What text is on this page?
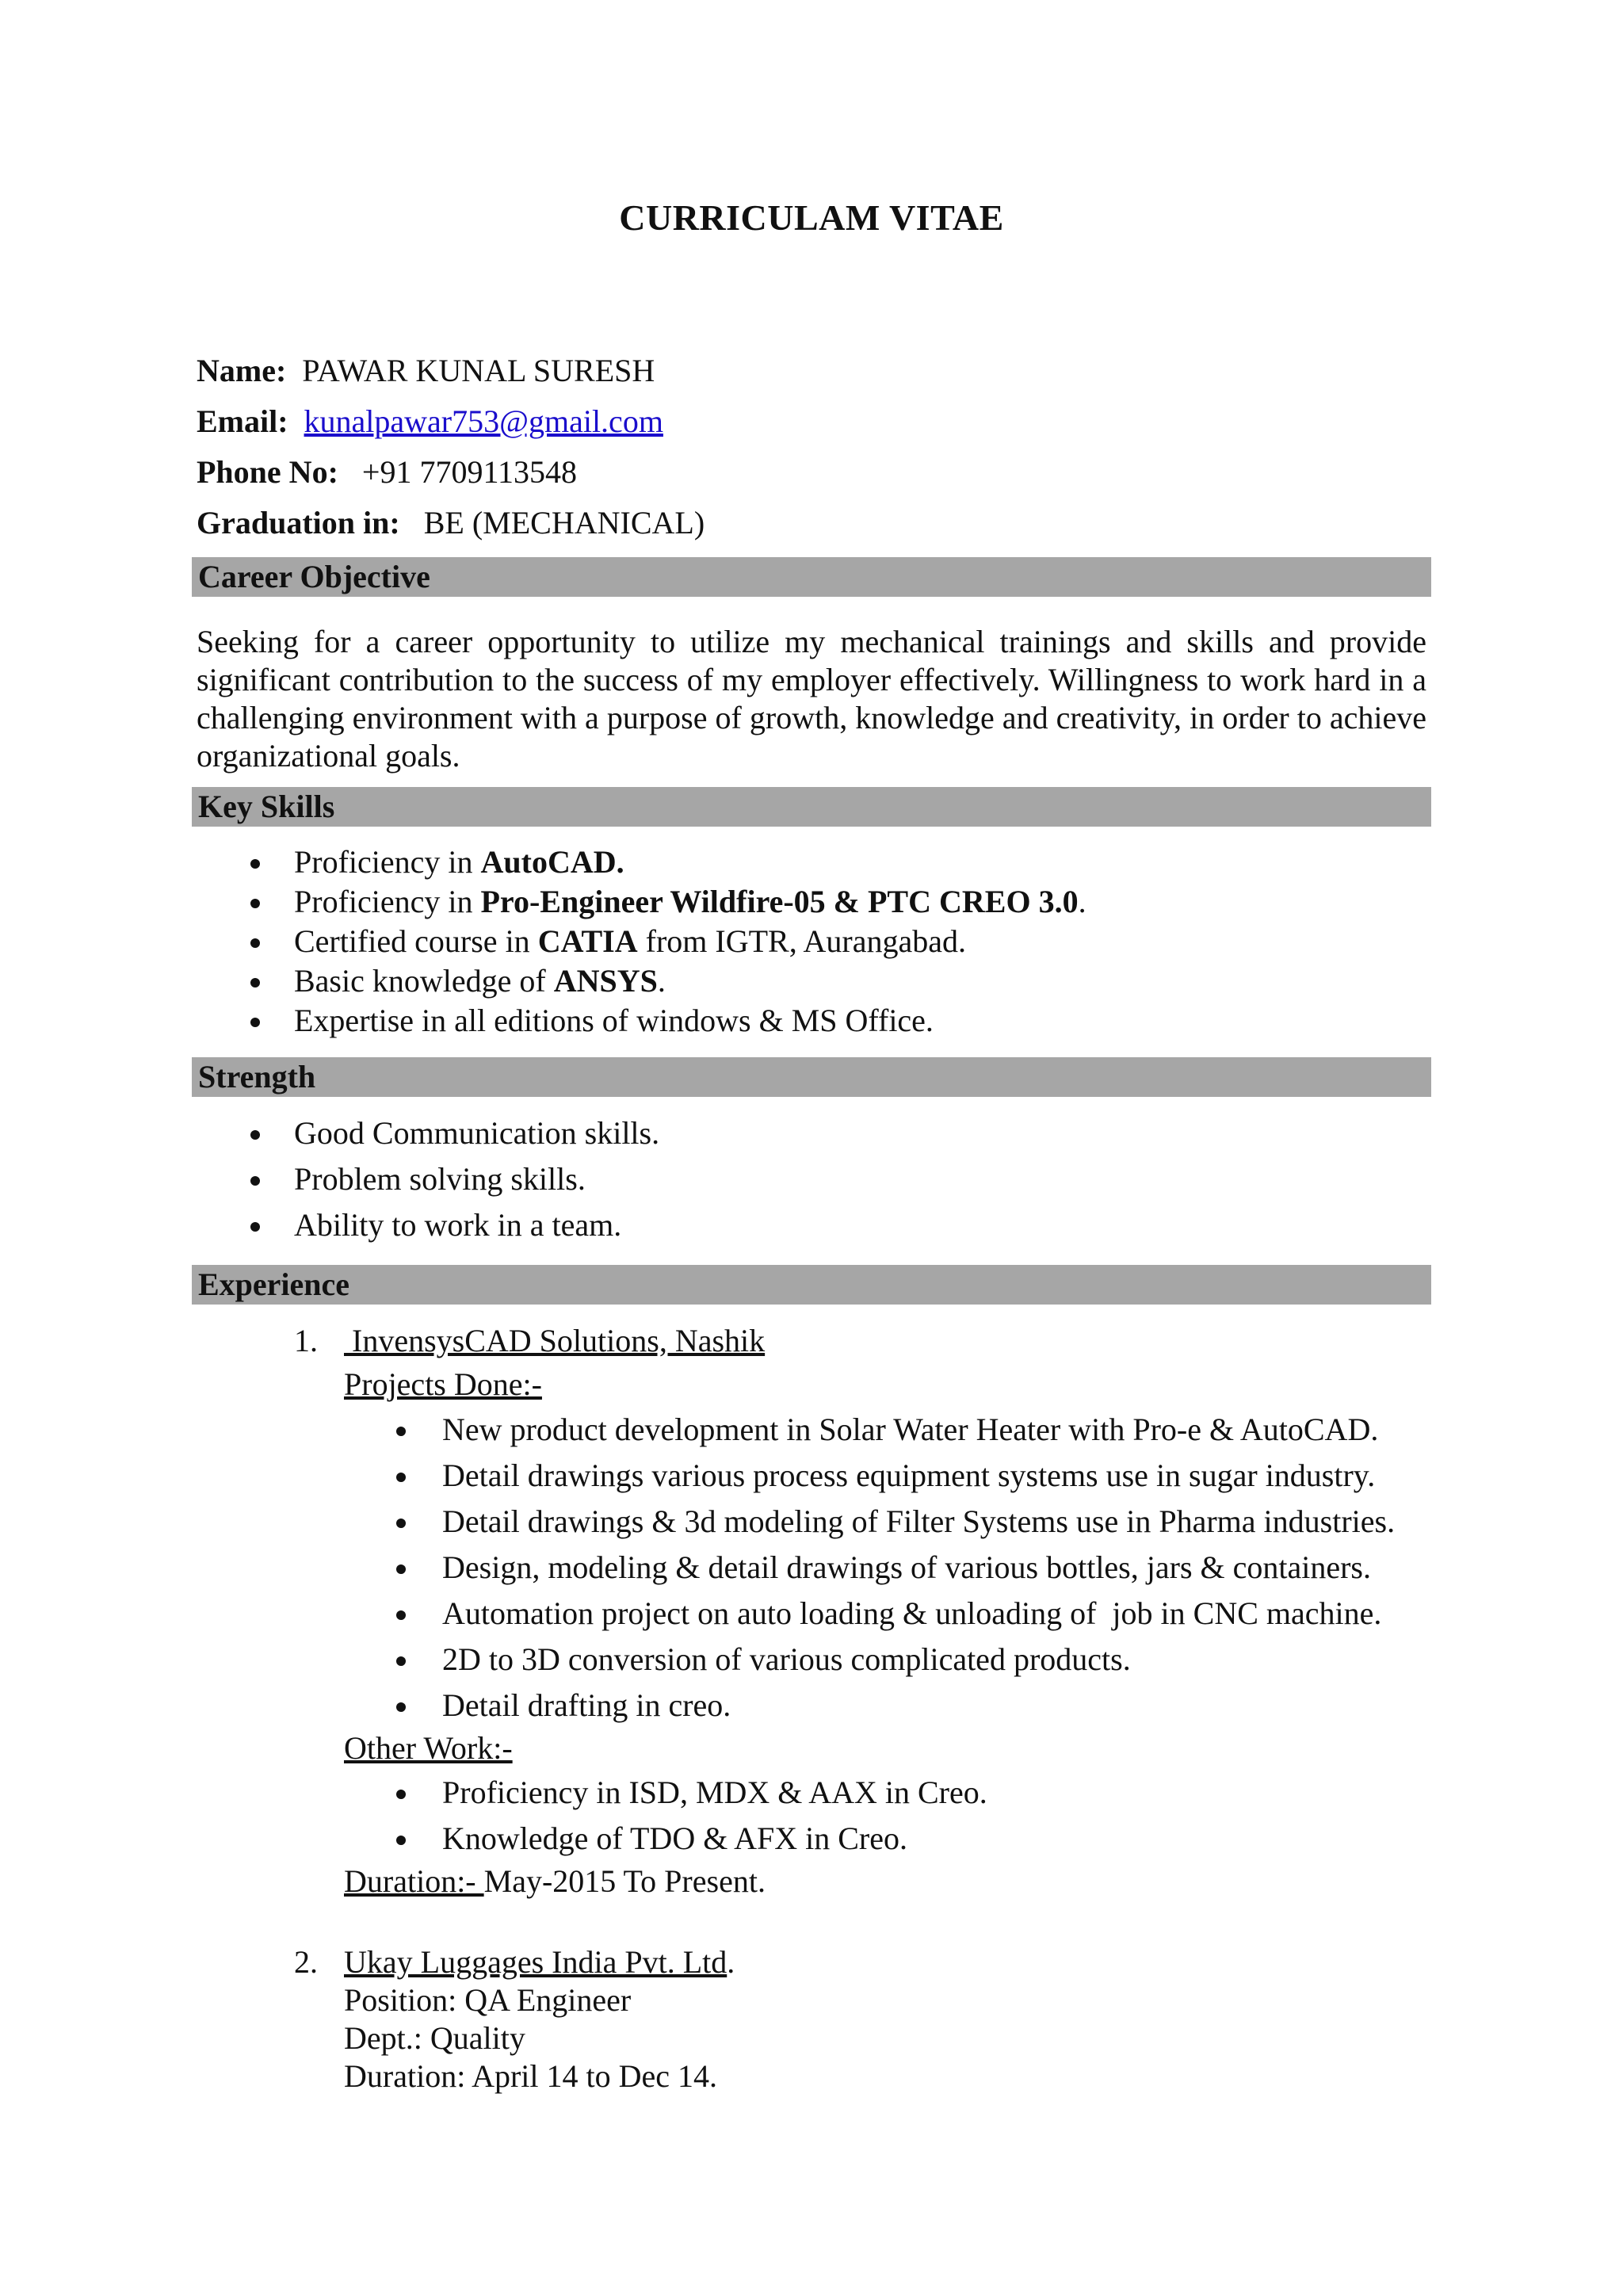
CURRICULAM VITAE
Name: PAWAR KUNAL SURESH
Email: kunalpawar753@gmail.com
Phone No: +91 7709113548
Graduation in: BE (MECHANICAL)
Career Objective
Seeking for a career opportunity to utilize my mechanical trainings and skills and provide significant contribution to the success of my employer effectively. Willingness to work hard in a challenging environment with a purpose of growth, knowledge and creativity, in order to achieve organizational goals.
Key Skills
Proficiency in AutoCAD.
Proficiency in Pro-Engineer Wildfire-05 & PTC CREO 3.0.
Certified course in CATIA from IGTR, Aurangabad.
Basic knowledge of ANSYS.
Expertise in all editions of windows & MS Office.
Strength
Good Communication skills.
Problem solving skills.
Ability to work in a team.
Experience
1. InvensysCAD Solutions, Nashik
Projects Done:-
New product development in Solar Water Heater with Pro-e & AutoCAD.
Detail drawings various process equipment systems use in sugar industry.
Detail drawings & 3d modeling of Filter Systems use in Pharma industries.
Design, modeling & detail drawings of various bottles, jars & containers.
Automation project on auto loading & unloading of  job in CNC machine.
2D to 3D conversion of various complicated products.
Detail drafting in creo.
Other Work:-
Proficiency in ISD, MDX & AAX in Creo.
Knowledge of TDO & AFX in Creo.
Duration:- May-2015 To Present.
2. Ukay Luggages India Pvt. Ltd.
Position: QA Engineer
Dept.: Quality
Duration: April 14 to Dec 14.
